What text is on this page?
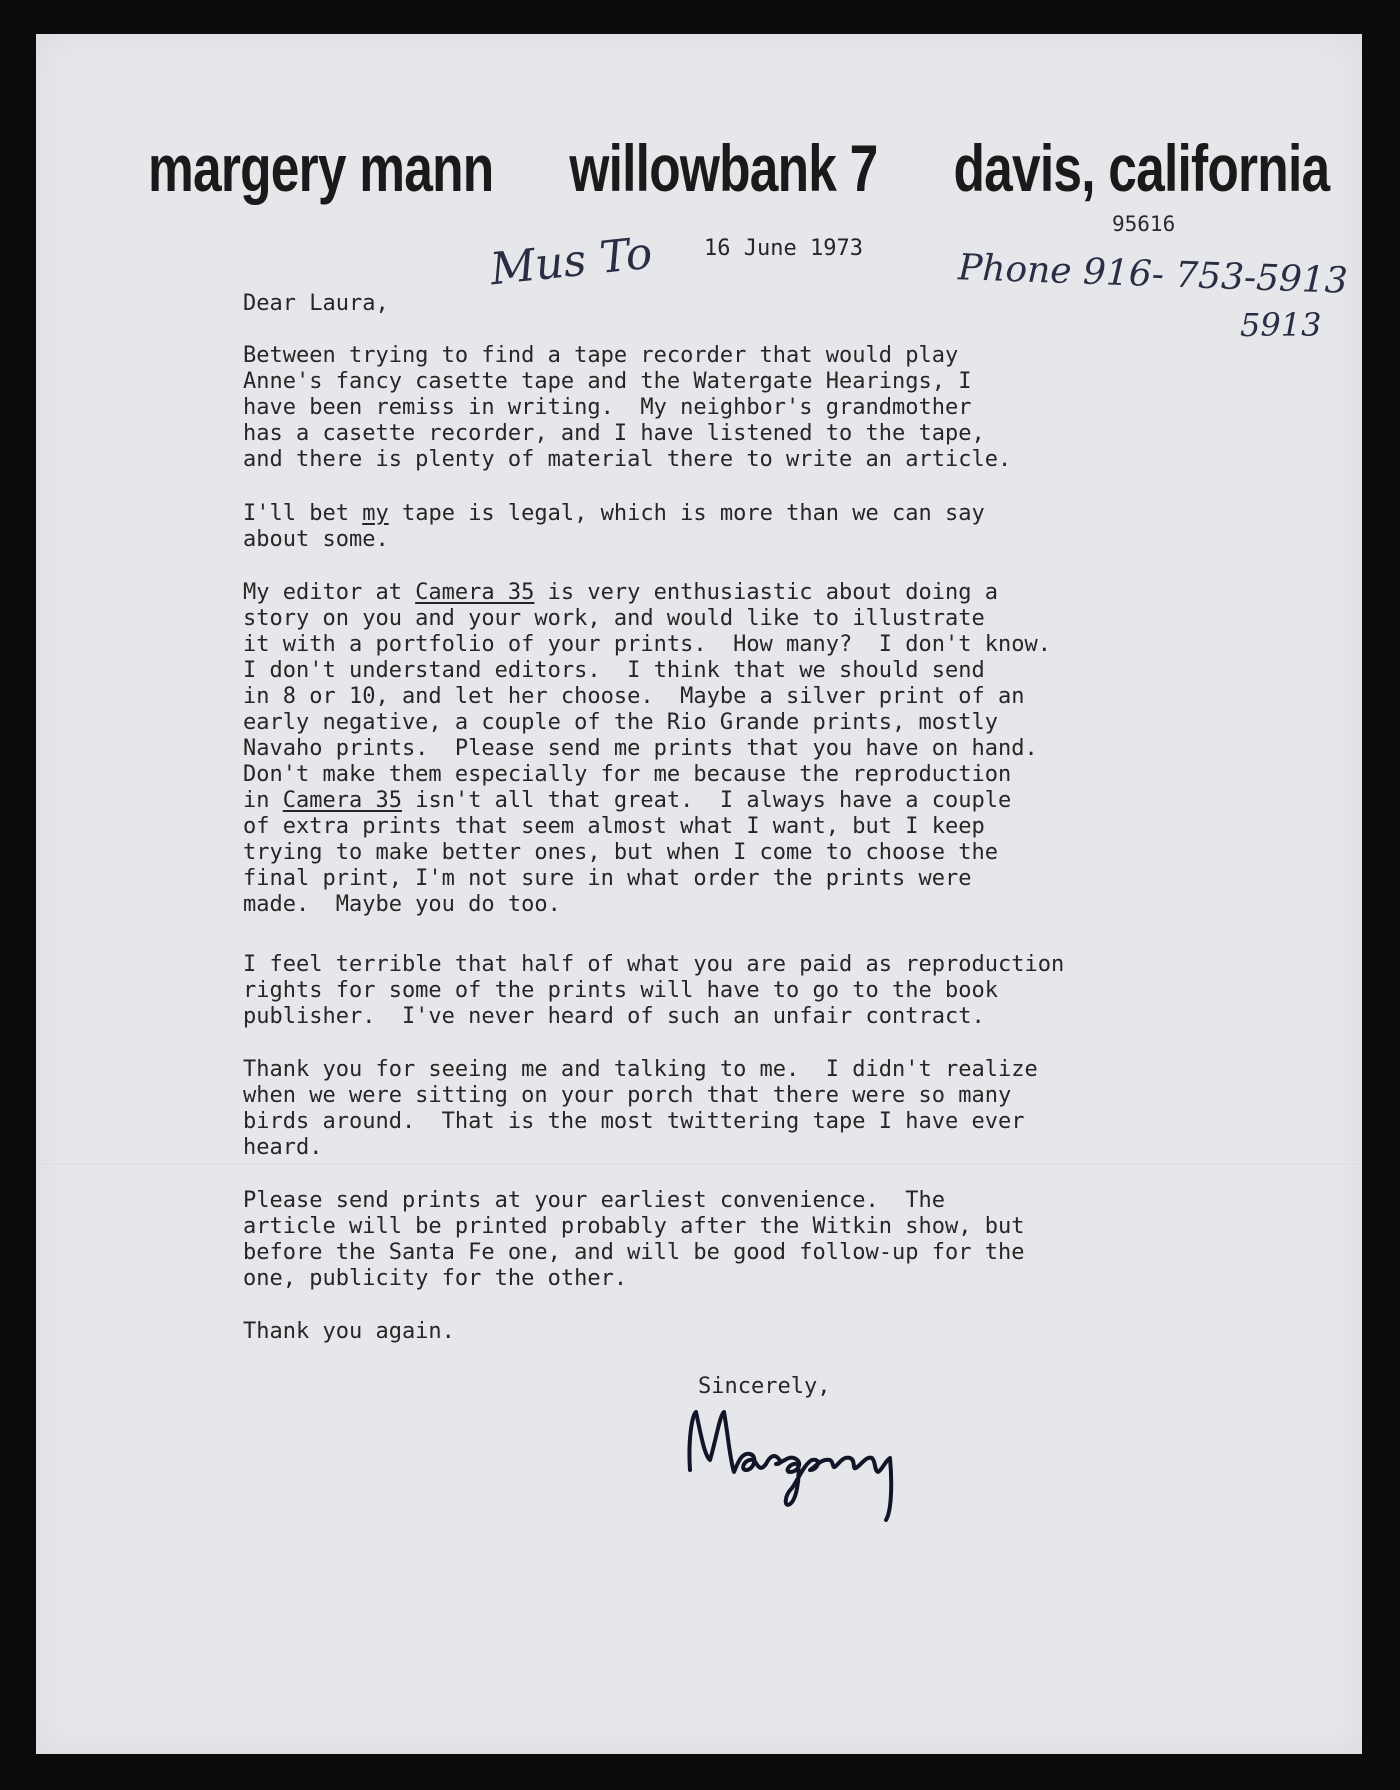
margery mann willowbank 7 davis, california
95616
Mus To 16 June 1973	Phone 916- 753-5913
5913
Dear Laura,
Between trying to find a tape recorder that would play
Anne's fancy casette tape and the Watergate Hearings, I
have been remiss in writing.  My neighbor's grandmother
has a casette recorder, and I have listened to the tape,
and there is plenty of material there to write an article.
I'll bet my tape is legal, which is more than we can say
about some.
My editor at Camera 35 is very enthusiastic about doing a
story on you and your work, and would like to illustrate
it with a portfolio of your prints.  How many?  I don't know.
I don't understand editors.  I think that we should send
in 8 or 10, and let her choose.  Maybe a silver print of an
early negative, a couple of the Rio Grande prints, mostly
Navaho prints.  Please send me prints that you have on hand.
Don't make them especially for me because the reproduction
in Camera 35 isn't all that great.  I always have a couple
of extra prints that seem almost what I want, but I keep
trying to make better ones, but when I come to choose the
final print, I'm not sure in what order the prints were
made.  Maybe you do too.
I feel terrible that half of what you are paid as reproduction
rights for some of the prints will have to go to the book
publisher.  I've never heard of such an unfair contract.
Thank you for seeing me and talking to me.  I didn't realize
when we were sitting on your porch that there were so many
birds around.  That is the most twittering tape I have ever
heard.
Please send prints at your earliest convenience.  The
article will be printed probably after the Witkin show, but
before the Santa Fe one, and will be good follow-up for the
one, publicity for the other.
Thank you again.
Sincerely,
